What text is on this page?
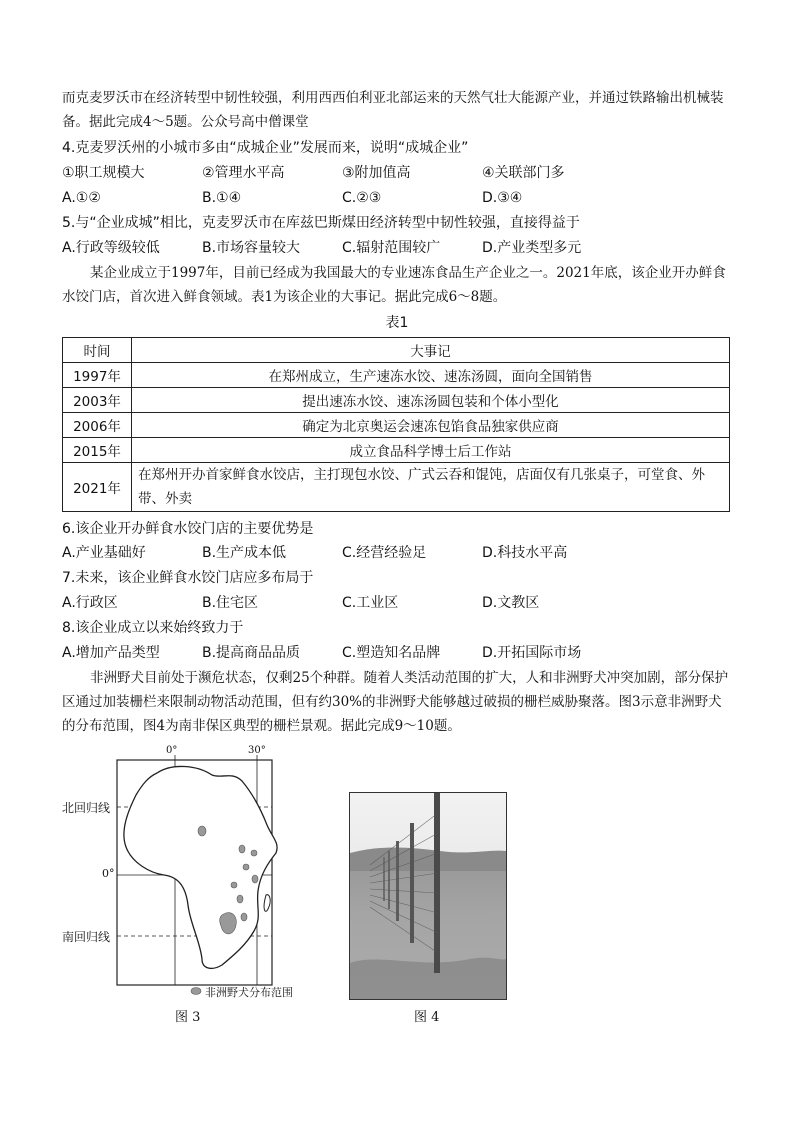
而克麦罗沃市在经济转型中韧性较强，利用西西伯利亚北部运来的天然气壮大能源产业，并通过铁路输出机械装备。据此完成4～5题。公众号高中僧课堂

4.克麦罗沃州的小城市多由“成城企业”发展而来，说明“成城企业”

①职工规模大	②管理水平高	③附加值高	④关联部门多
A.①②	B.①④	C.②③	D.③④

5.与“企业成城”相比，克麦罗沃市在库兹巴斯煤田经济转型中韧性较强，直接得益于

A.行政等级较低	B.市场容量较大	C.辐射范围较广	D.产业类型多元

某企业成立于1997年，目前已经成为我国最大的专业速冻食品生产企业之一。2021年底，该企业开办鲜食水饺门店，首次进入鲜食领域。表1为该企业的大事记。据此完成6～8题。

表1
时间	大事记
1997年	在郑州成立，生产速冻水饺、速冻汤圆，面向全国销售
2003年	提出速冻水饺、速冻汤圆包装和个体小型化
2006年	确定为北京奥运会速冻包馅食品独家供应商
2015年	成立食品科学博士后工作站
2021年	在郑州开办首家鲜食水饺店，主打现包水饺、广式云吞和馄饨，店面仅有几张桌子，可堂食、外带、外卖

6.该企业开办鲜食水饺门店的主要优势是

A.产业基础好	B.生产成本低	C.经营经验足	D.科技水平高

7.未来，该企业鲜食水饺门店应多布局于

A.行政区	B.住宅区	C.工业区	D.文教区

8.该企业成立以来始终致力于

A.增加产品类型	B.提高商品品质	C.塑造知名品牌	D.开拓国际市场

非洲野犬目前处于濒危状态，仅剩25个种群。随着人类活动范围的扩大，人和非洲野犬冲突加剧，部分保护区通过加装栅栏来限制动物活动范围，但有约30%的非洲野犬能够越过破损的栅栏威胁聚落。图3示意非洲野犬的分布范围，图4为南非保区典型的栅栏景观。据此完成9～10题。

0°	30°
北回归线
0°
南回归线
非洲野犬分布范围
图 3	图 4
